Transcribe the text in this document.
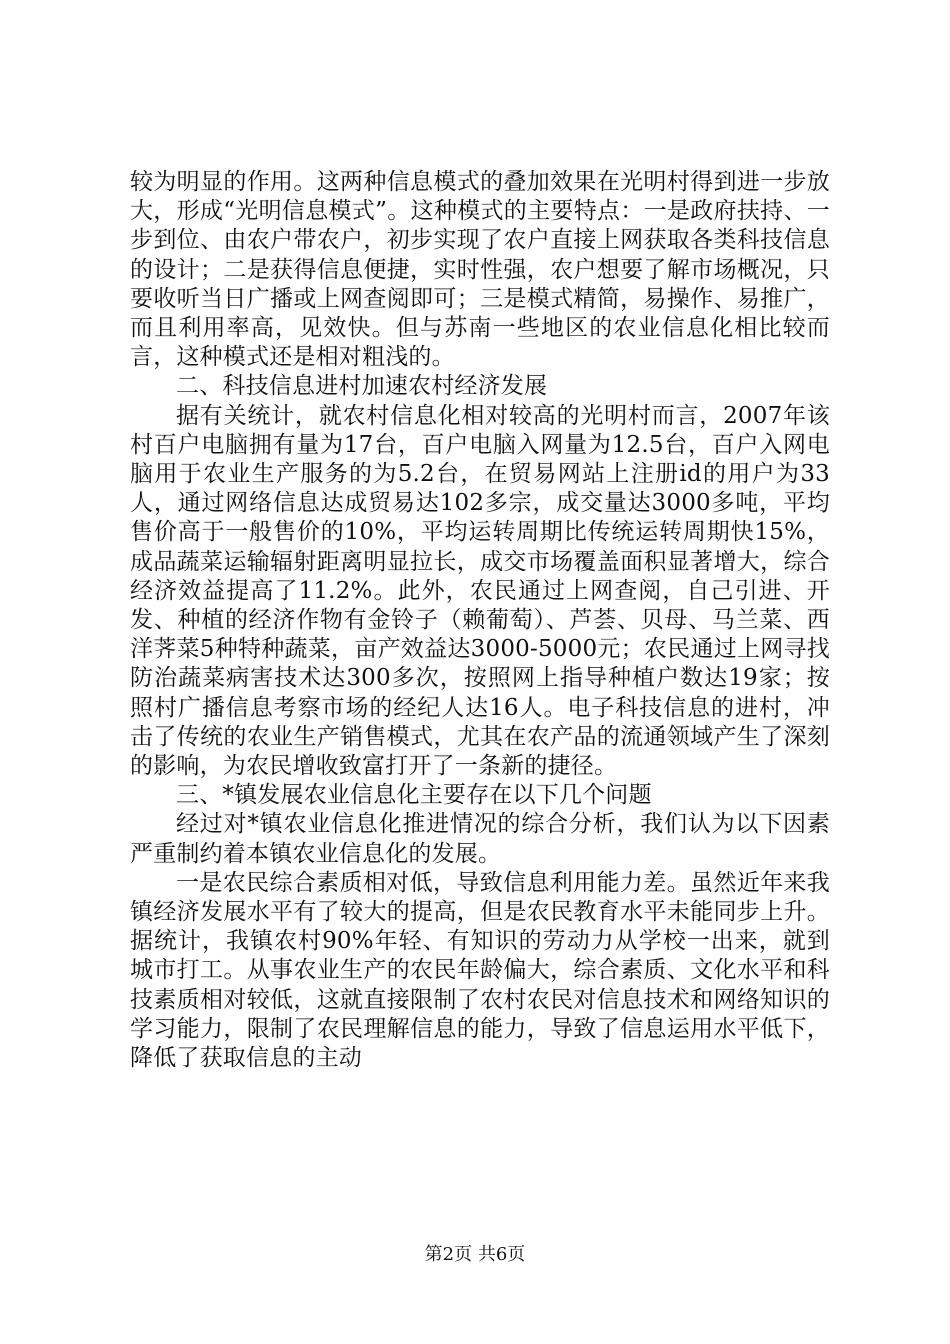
较为明显的作用。这两种信息模式的叠加效果在光明村得到进一步放大，形成“光明信息模式”。这种模式的主要特点：一是政府扶持、一步到位、由农户带农户，初步实现了农户直接上网获取各类科技信息的设计；二是获得信息便捷，实时性强，农户想要了解市场概况，只要收听当日广播或上网查阅即可；三是模式精简，易操作、易推广，而且利用率高，见效快。但与苏南一些地区的农业信息化相比较而言，这种模式还是相对粗浅的。

二、科技信息进村加速农村经济发展

据有关统计，就农村信息化相对较高的光明村而言，2007年该村百户电脑拥有量为17台，百户电脑入网量为12.5台，百户入网电脑用于农业生产服务的为5.2台，在贸易网站上注册id的用户为33人，通过网络信息达成贸易达102多宗，成交量达3000多吨，平均售价高于一般售价的10%，平均运转周期比传统运转周期快15%，成品蔬菜运输辐射距离明显拉长，成交市场覆盖面积显著增大，综合经济效益提高了11.2%。此外，农民通过上网查阅，自己引进、开发、种植的经济作物有金铃子（赖葡萄）、芦荟、贝母、马兰菜、西洋荠菜5种特种蔬菜，亩产效益达3000-5000元；农民通过上网寻找防治蔬菜病害技术达300多次，按照网上指导种植户数达19家；按照村广播信息考察市场的经纪人达16人。电子科技信息的进村，冲击了传统的农业生产销售模式，尤其在农产品的流通领域产生了深刻的影响，为农民增收致富打开了一条新的捷径。

三、*镇发展农业信息化主要存在以下几个问题

经过对*镇农业信息化推进情况的综合分析，我们认为以下因素严重制约着本镇农业信息化的发展。

一是农民综合素质相对低，导致信息利用能力差。虽然近年来我镇经济发展水平有了较大的提高，但是农民教育水平未能同步上升。据统计，我镇农村90%年轻、有知识的劳动力从学校一出来，就到城市打工。从事农业生产的农民年龄偏大，综合素质、文化水平和科技素质相对较低，这就直接限制了农村农民对信息技术和网络知识的学习能力，限制了农民理解信息的能力，导致了信息运用水平低下，降低了获取信息的主动

第2页 共6页
